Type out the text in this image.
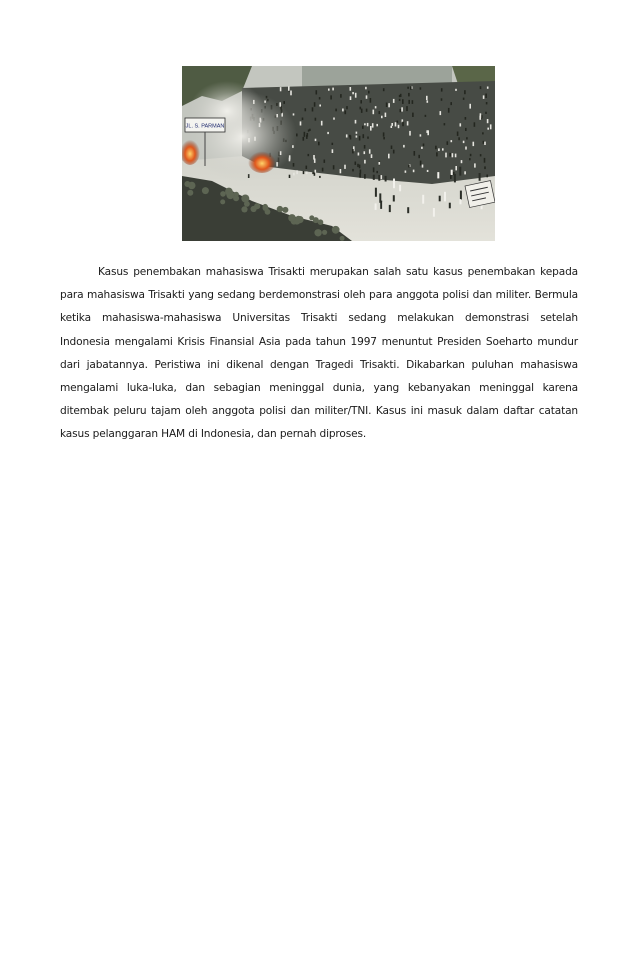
JL. S. PARMAN

Kasus penembakan mahasiswa Trisakti merupakan salah satu kasus penembakan kepada
para mahasiswa Trisakti yang sedang berdemonstrasi oleh para anggota polisi dan militer. Bermula
ketika mahasiswa-mahasiswa Universitas Trisakti sedang melakukan demonstrasi setelah
Indonesia mengalami Krisis Finansial Asia pada tahun 1997 menuntut Presiden Soeharto mundur
dari jabatannya. Peristiwa ini dikenal dengan Tragedi Trisakti. Dikabarkan puluhan mahasiswa
mengalami luka-luka, dan sebagian meninggal dunia, yang kebanyakan meninggal karena
ditembak peluru tajam oleh anggota polisi dan militer/TNI. Kasus ini masuk dalam daftar catatan
kasus pelanggaran HAM di Indonesia, dan pernah diproses.
